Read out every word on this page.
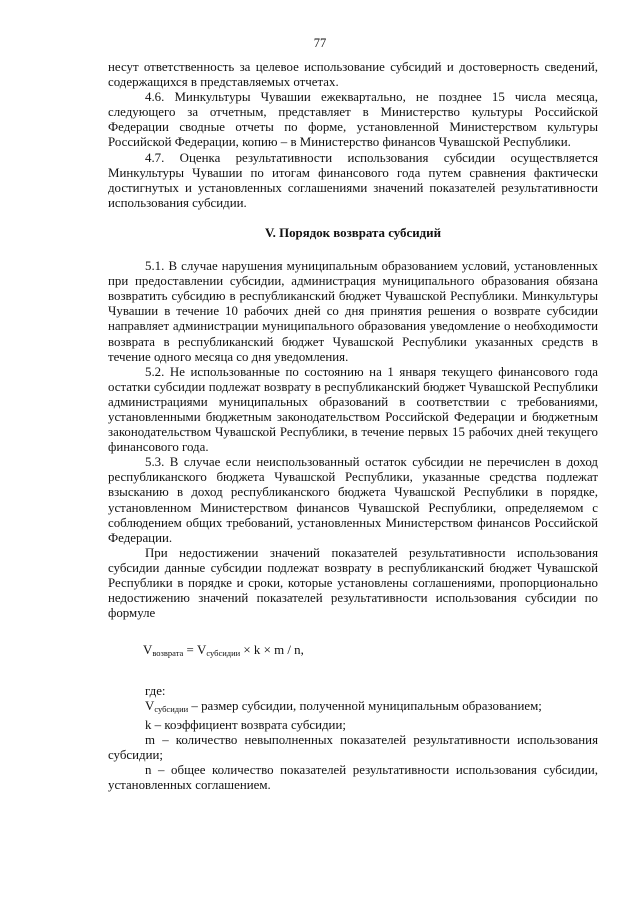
77

несут ответственность за целевое использование субсидий и достоверность сведений, содержащихся в представляемых отчетах.

4.6. Минкультуры Чувашии ежеквартально, не позднее 15 числа месяца, следующего за отчетным, представляет в Министерство культуры Российской Федерации сводные отчеты по форме, установленной Министерством культуры Российской Федерации, копию – в Министерство финансов Чувашской Республики.

4.7. Оценка результативности использования субсидии осуществляется Минкультуры Чувашии по итогам финансового года путем сравнения фактически достигнутых и установленных соглашениями значений показателей результативности использования субсидии.

V. Порядок возврата субсидий

5.1. В случае нарушения муниципальным образованием условий, установленных при предоставлении субсидии, администрация муниципального образования обязана возвратить субсидию в республиканский бюджет Чувашской Республики. Минкультуры Чувашии в течение 10 рабочих дней со дня принятия решения о возврате субсидии направляет администрации муниципального образования уведомление о необходимости возврата в республиканский бюджет Чувашской Республики указанных средств в течение одного месяца со дня уведомления.

5.2. Не использованные по состоянию на 1 января текущего финансового года остатки субсидии подлежат возврату в республиканский бюджет Чувашской Республики администрациями муниципальных образований в соответствии с требованиями, установленными бюджетным законодательством Российской Федерации и бюджетным законодательством Чувашской Республики, в течение первых 15 рабочих дней текущего финансового года.

5.3. В случае если неиспользованный остаток субсидии не перечислен в доход республиканского бюджета Чувашской Республики, указанные средства подлежат взысканию в доход республиканского бюджета Чувашской Республики в порядке, установленном Министерством финансов Чувашской Республики, определяемом с соблюдением общих требований, установленных Министерством финансов Российской Федерации.

При недостижении значений показателей результативности использования субсидии данные субсидии подлежат возврату в республиканский бюджет Чувашской Республики в порядке и сроки, которые установлены соглашениями, пропорционально недостижению значений показателей результативности использования субсидии по формуле

$V_{возврата} = V_{субсидии} \times k \times m / n$,

где:

$V_{субсидии}$ – размер субсидии, полученной муниципальным образованием;

k – коэффициент возврата субсидии;

m – количество невыполненных показателей результативности использования субсидии;

n – общее количество показателей результативности использования субсидии, установленных соглашением.
